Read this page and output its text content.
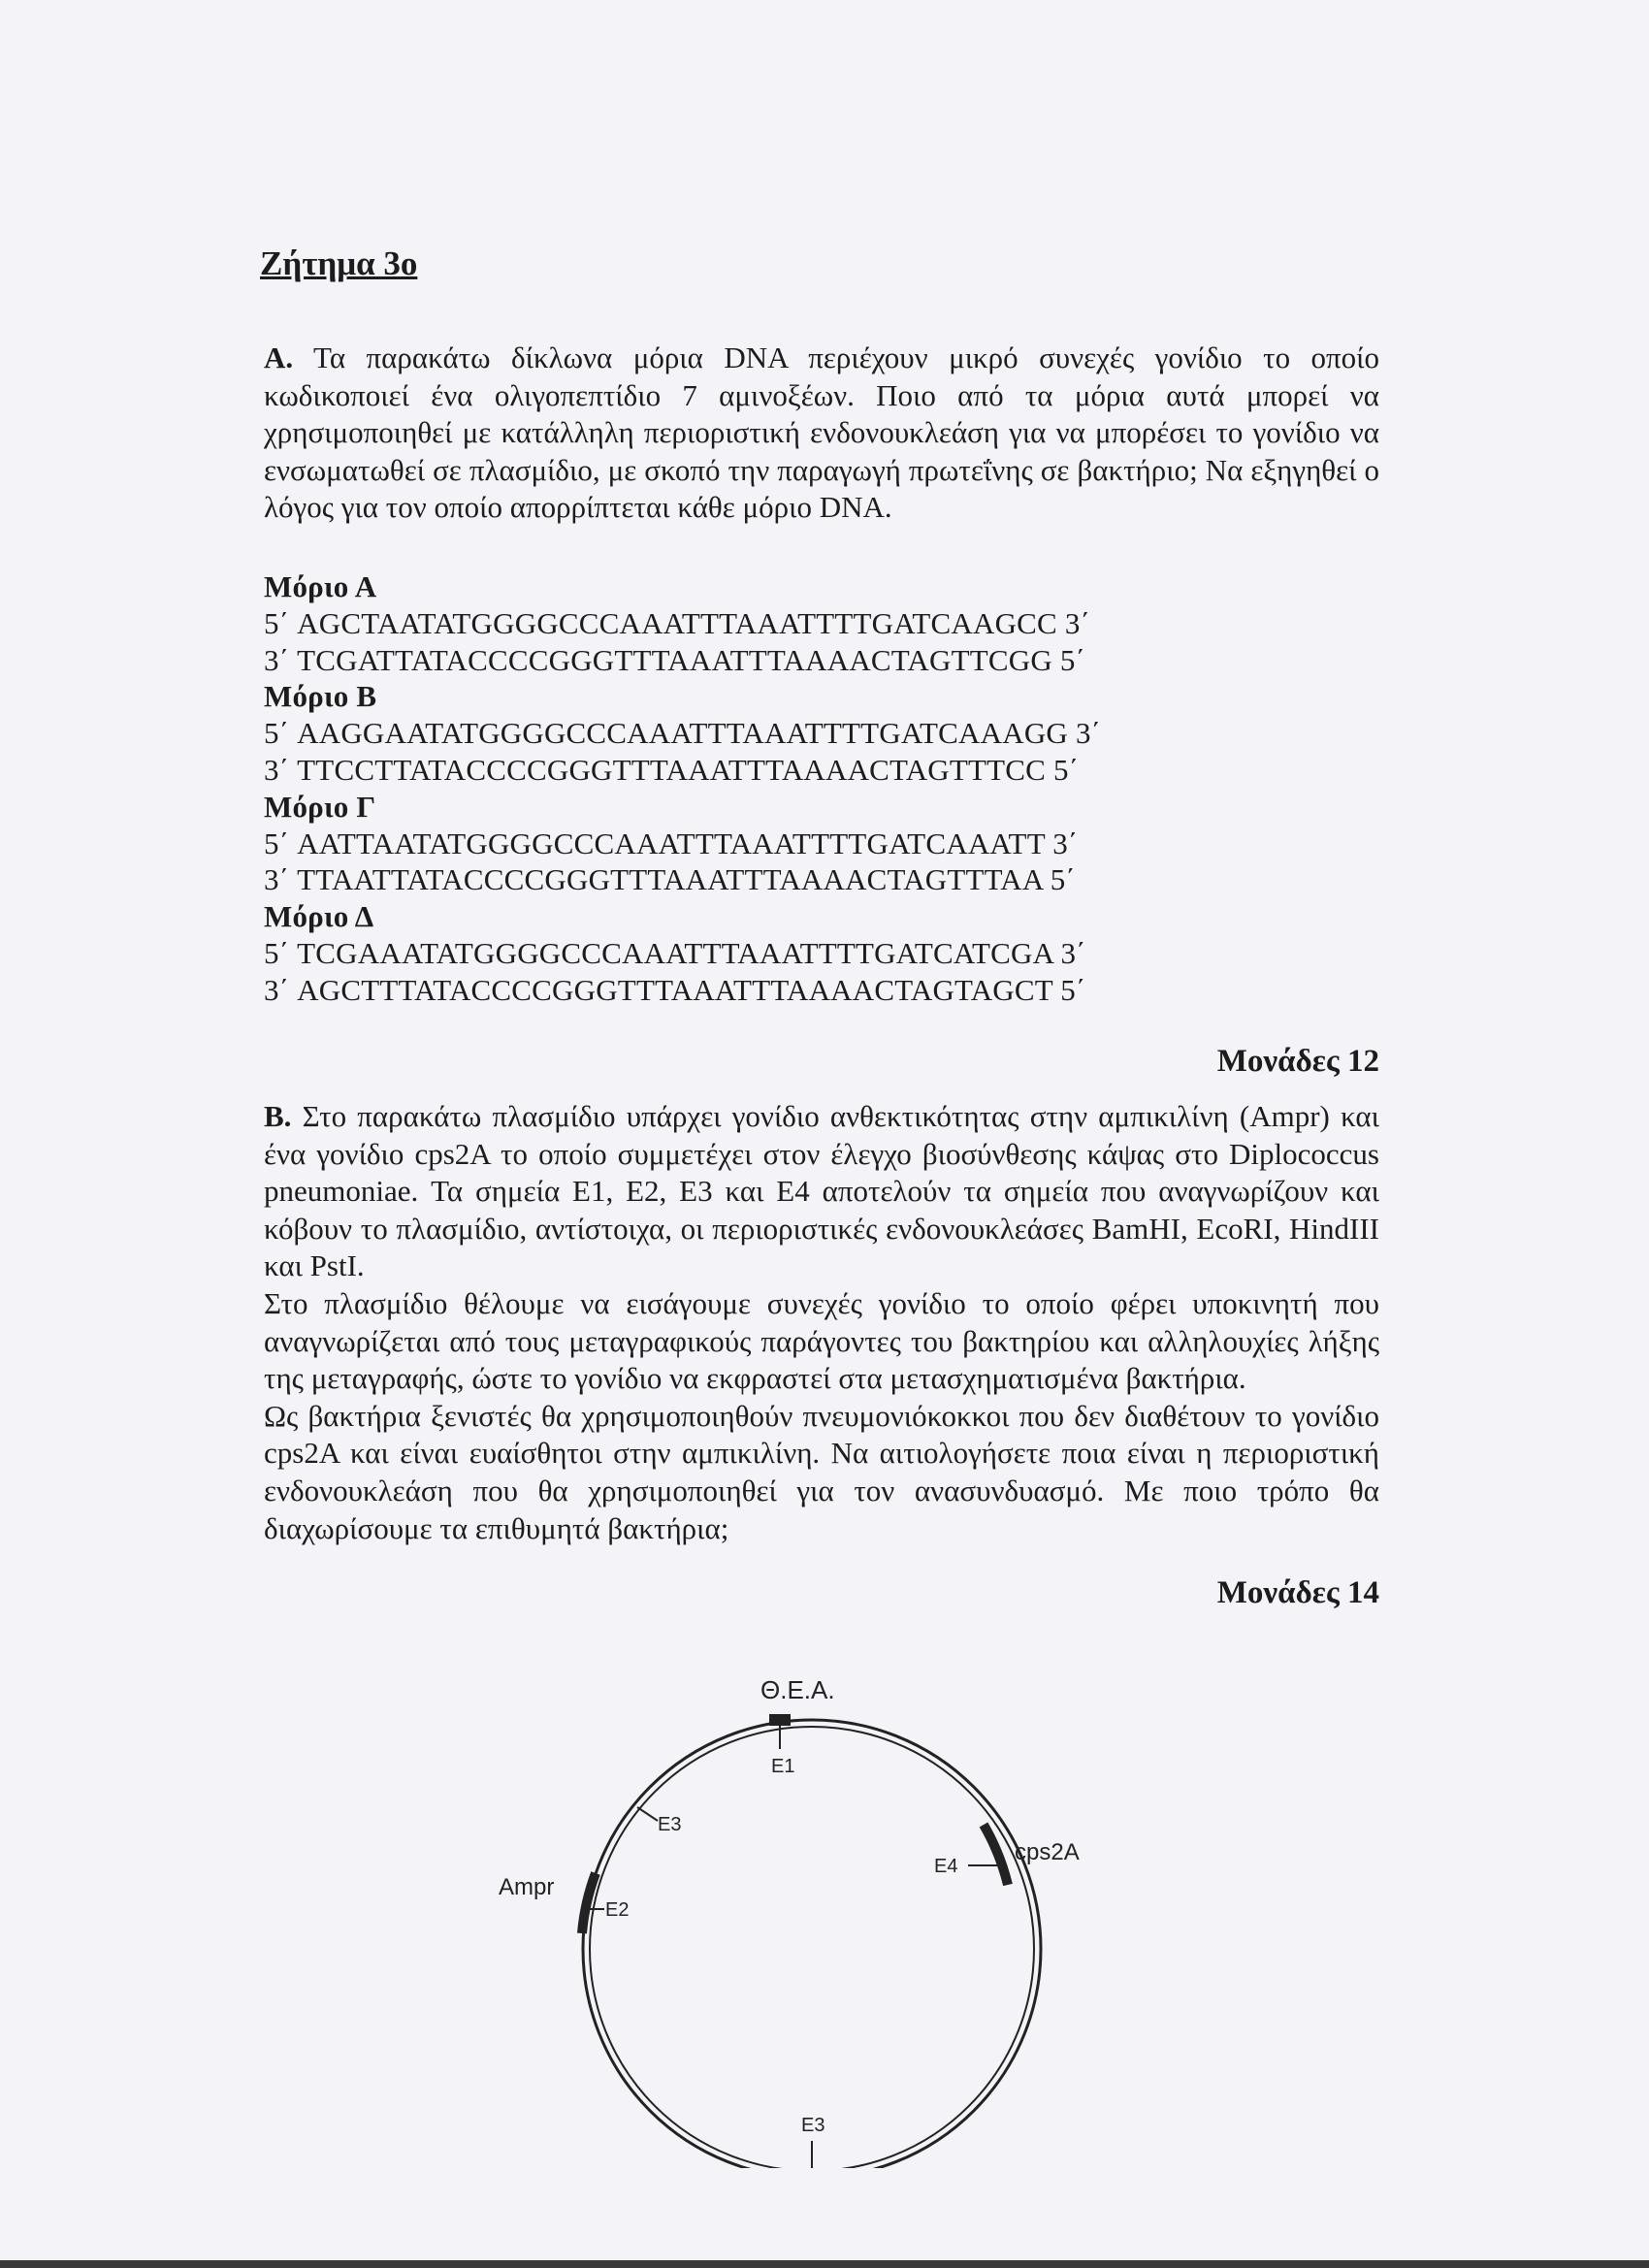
Ζήτημα 3ο
Α. Τα παρακάτω δίκλωνα μόρια DNA περιέχουν μικρό συνεχές γονίδιο το οποίο κωδικοποιεί ένα ολιγοπεπτίδιο 7 αμινοξέων. Ποιο από τα μόρια αυτά μπορεί να χρησιμοποιηθεί με κατάλληλη περιοριστική ενδονουκλεάση για να μπορέσει το γονίδιο να ενσωματωθεί σε πλασμίδιο, με σκοπό την παραγωγή πρωτεΐνης σε βακτήριο; Να εξηγηθεί ο λόγος για τον οποίο απορρίπτεται κάθε μόριο DNA.
Μόριο Α
5΄ AGCTAATATGGGGCCCAAATTTAAATTTTGATCAAGCC 3΄
3΄ TCGATTATACCCCGGGTTTAAATTTAAAACTAGTTCGG 5΄
Μόριο Β
5΄ AAGGAATATGGGGCCCAAATTTAAATTTTGATCAAAGG 3΄
3΄ TTCCTTATACCCCGGGTTTAAATTTAAAACTAGTTTCC 5΄
Μόριο Γ
5΄ AATTAATATGGGGCCCAAATTTAAATTTTGATCAAATT 3΄
3΄ TTAATTATACCCCGGGTTTAAATTTAAAACTAGTTTAA 5΄
Μόριο Δ
5΄ TCGAAATATGGGGCCCAAATTTAAATTTTGATCATCGA 3΄
3΄ AGCTTTATACCCCGGGTTTAAATTTAAAACTAGTAGCT 5΄
Μονάδες 12
Β. Στο παρακάτω πλασμίδιο υπάρχει γονίδιο ανθεκτικότητας στην αμπικιλίνη (Ampr) και ένα γονίδιο cps2A το οποίο συμμετέχει στον έλεγχο βιοσύνθεσης κάψας στο Diplococcus pneumoniae. Τα σημεία Ε1, Ε2, Ε3 και Ε4 αποτελούν τα σημεία που αναγνωρίζουν και κόβουν το πλασμίδιο, αντίστοιχα, οι περιοριστικές ενδονουκλεάσες BamHI, EcoRI, HindIII και PstI.
Στο πλασμίδιο θέλουμε να εισάγουμε συνεχές γονίδιο το οποίο φέρει υποκινητή που αναγνωρίζεται από τους μεταγραφικούς παράγοντες του βακτηρίου και αλληλουχίες λήξης της μεταγραφής, ώστε το γονίδιο να εκφραστεί στα μετασχηματισμένα βακτήρια.
Ως βακτήρια ξενιστές θα χρησιμοποιηθούν πνευμονιόκοκκοι που δεν διαθέτουν το γονίδιο cps2A και είναι ευαίσθητοι στην αμπικιλίνη. Να αιτιολογήσετε ποια είναι η περιοριστική ενδονουκλεάση που θα χρησιμοποιηθεί για τον ανασυνδυασμό. Με ποιο τρόπο θα διαχωρίσουμε τα επιθυμητά βακτήρια;
Μονάδες 14
Θ.Ε.Α.
E1
E3
Ampr
E2
cps2A
E4
E3
